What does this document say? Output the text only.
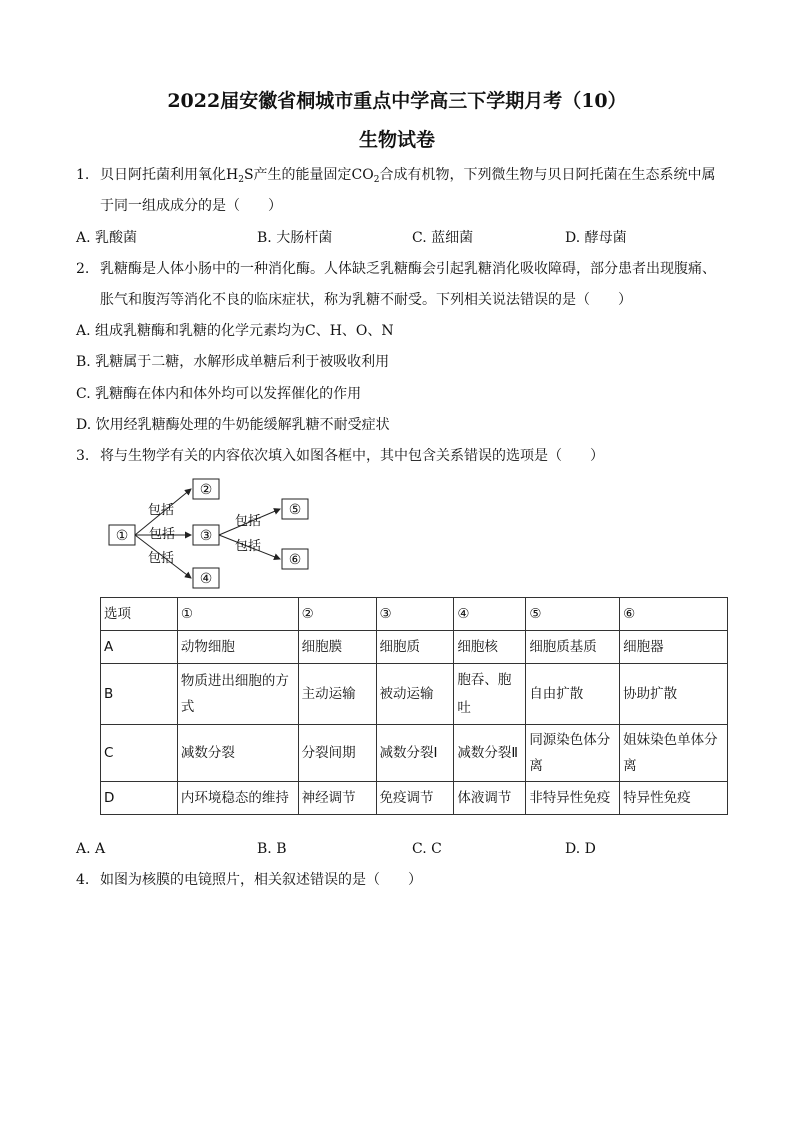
2022届安徽省桐城市重点中学高三下学期月考（10）
生物试卷
1. 贝日阿托菌利用氧化$H_2S$产生的能量固定$CO_2$合成有机物，下列微生物与贝日阿托菌在生态系统中属
于同一组成成分的是（　　）
A. 乳酸菌	B. 大肠杆菌	C. 蓝细菌	D. 酵母菌
2. 乳糖酶是人体小肠中的一种消化酶。人体缺乏乳糖酶会引起乳糖消化吸收障碍，部分患者出现腹痛、
胀气和腹泻等消化不良的临床症状，称为乳糖不耐受。下列相关说法错误的是（　　）
A. 组成乳糖酶和乳糖的化学元素均为C、H、O、N
B. 乳糖属于二糖，水解形成单糖后利于被吸收利用
C. 乳糖酶在体内和体外均可以发挥催化的作用
D. 饮用经乳糖酶处理的牛奶能缓解乳糖不耐受症状
3. 将与生物学有关的内容依次填入如图各框中，其中包含关系错误的选项是（　　）
①
②
③
④
⑤
⑥
包括
包括
包括
包括
包括
选项	①	②	③	④	⑤	⑥
A	动物细胞	细胞膜	细胞质	细胞核	细胞质基质	细胞器
B	物质进出细胞的方式	主动运输	被动运输	胞吞、胞吐	自由扩散	协助扩散
C	减数分裂	分裂间期	减数分裂Ⅰ	减数分裂Ⅱ	同源染色体分离	姐妹染色单体分离
D	内环境稳态的维持	神经调节	免疫调节	体液调节	非特异性免疫	特异性免疫
A. A	B. B	C. C	D. D
4. 如图为核膜的电镜照片，相关叙述错误的是（　　）
